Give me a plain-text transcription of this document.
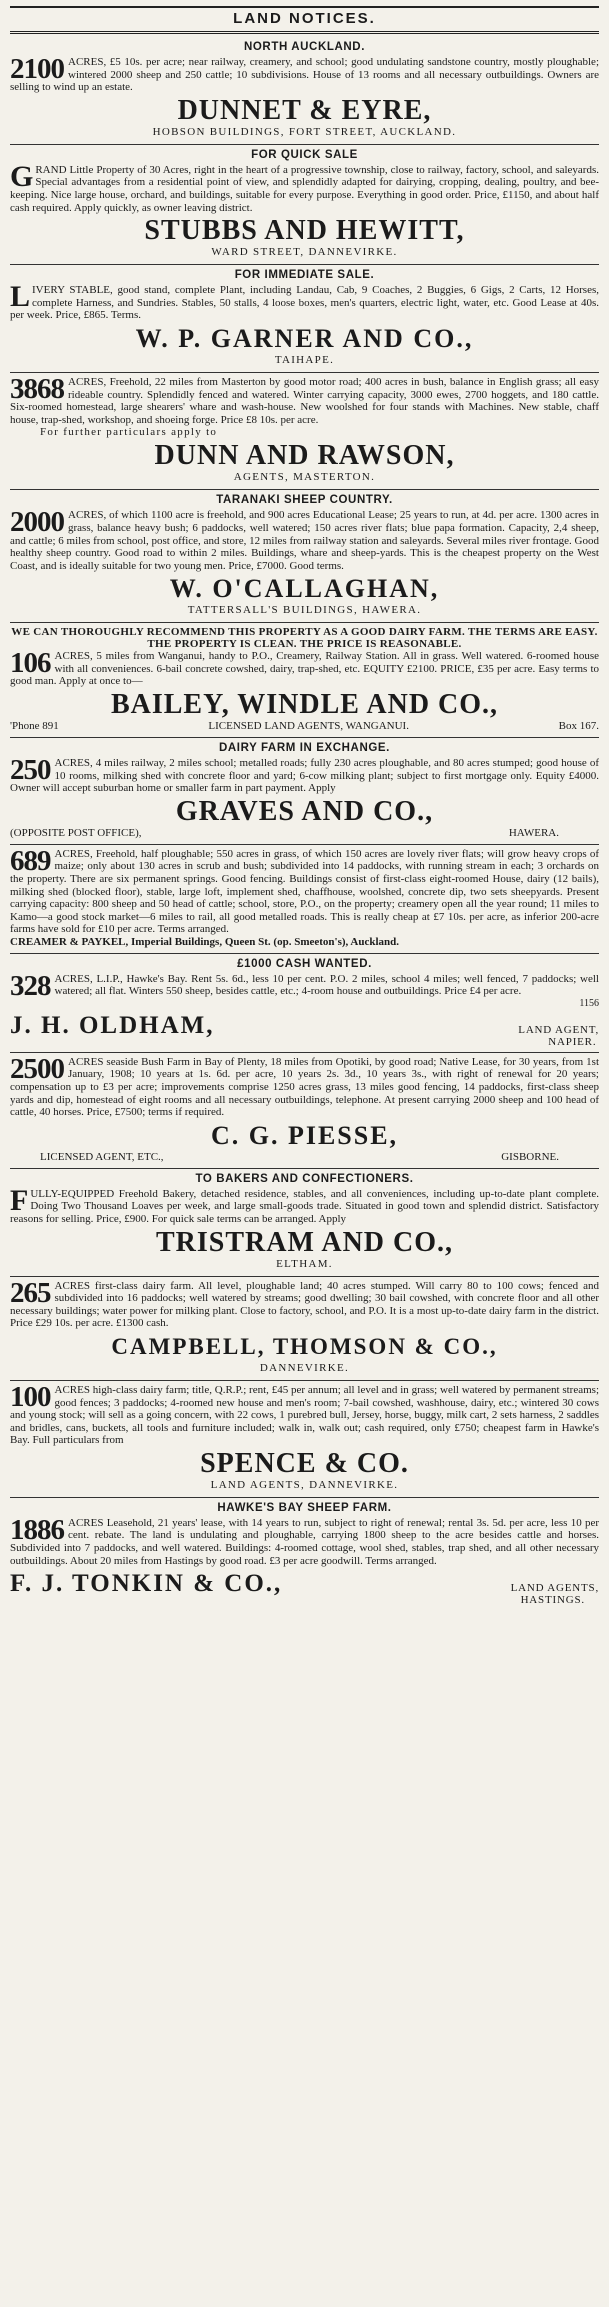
LAND NOTICES.
NORTH AUCKLAND.

2100 ACRES, £5 10s. per acre; near railway, creamery, and school; good undulating sandstone country, mostly ploughable; wintered 2000 sheep and 250 cattle; 10 subdivisions. House of 13 rooms and all necessary outbuildings. Owners are selling to wind up an estate.

DUNNET & EYRE,
HOBSON BUILDINGS, FORT STREET, AUCKLAND.
FOR QUICK SALE

G RAND Little Property of 30 Acres, right in the heart of a progressive township, close to railway, factory, school, and saleyards. Special advantages from a residential point of view, and splendidly adapted for dairying, cropping, dealing, poultry, and bee-keeping. Nice large house, orchard, and buildings, suitable for every purpose. Everything in good order. Price, £1150, and about half cash required. Apply quickly, as owner leaving district.

STUBBS AND HEWITT,
WARD STREET, DANNEVIRKE.
FOR IMMEDIATE SALE.

L IVERY STABLE, good stand, complete Plant, including Landau, Cab, 9 Coaches, 2 Buggies, 6 Gigs, 2 Carts, 12 Horses, complete Harness, and Sundries. Stables, 50 stalls, 4 loose boxes, men's quarters, electric light, water, etc. Good Lease at 40s. per week. Price, £865. Terms.

W. P. GARNER AND CO.,
TAIHAPE.

3868 ACRES, Freehold, 22 miles from Masterton by good motor road; 400 acres in bush, balance in English grass; all easy rideable country. Splendidly fenced and watered. Winter carrying capacity, 3000 ewes, 2700 hoggets, and 180 cattle. Six-roomed homestead, large shearers' whare and wash-house. New woolshed for four stands with Machines. New stable, chaff house, trap-shed, workshop, and shoeing forge. Price £8 10s. per acre.

For further particulars apply to
DUNN AND RAWSON,
AGENTS, MASTERTON.
TARANAKI SHEEP COUNTRY.

2000 ACRES, of which 1100 acre is freehold, and 900 acres Educational Lease; 25 years to run, at 4d. per acre. 1300 acres in grass, balance heavy bush; 6 paddocks, well watered; 150 acres river flats; blue papa formation. Capacity, 2,4 sheep, and cattle; 6 miles from school, post office, and store, 12 miles from railway station and saleyards. Several miles river frontage. Good healthy sheep country. Good road to within 2 miles. Buildings, whare and sheep-yards. This is the cheapest property on the West Coast, and is ideally suitable for two young men. Price, £7000. Good terms.

W. O'CALLAGHAN,
TATTERSALL'S BUILDINGS, HAWERA.
WE CAN THOROUGHLY RECOMMEND THIS PROPERTY AS A GOOD DAIRY FARM. THE TERMS ARE EASY. THE PROPERTY IS CLEAN. THE PRICE IS REASONABLE.

106 ACRES, 5 miles from Wanganui, handy to P.O., Creamery, Railway Station. All in grass. Well watered. 6-roomed house with all conveniences. 6-bail concrete cowshed, dairy, trap-shed, etc. EQUITY £2100. PRICE, £35 per acre. Easy terms to good man. Apply at once to—

BAILEY, WINDLE AND CO.,
'Phone 891	LICENSED LAND AGENTS, WANGANUI.	Box 167.
DAIRY FARM IN EXCHANGE.

250 ACRES, 4 miles railway, 2 miles school; metalled roads; fully 230 acres ploughable, and 80 acres stumped; good house of 10 rooms, milking shed with concrete floor and yard; 6-cow milking plant; subject to first mortgage only. Equity £4000. Owner will accept suburban home or smaller farm in part payment. Apply

GRAVES AND CO.,
(OPPOSITE POST OFFICE),	HAWERA.

689 ACRES, Freehold, half ploughable; 550 acres in grass, of which 150 acres are lovely river flats; will grow heavy crops of maize; only about 130 acres in scrub and bush; subdivided into 14 paddocks, with running stream in each; 3 orchards on the property. There are six permanent springs. Good fencing. Buildings consist of first-class eight-roomed House, dairy (12 bails), milking shed (blocked floor), stable, large loft, implement shed, chaffhouse, woolshed, concrete dip, two sets sheepyards. Present carrying capacity: 800 sheep and 50 head of cattle; school, store, P.O., on the property; creamery open all the year round; 11 miles to Kamo—a good stock market—6 miles to rail, all good metalled roads. This is really cheap at £7 10s. per acre, as inferior 200-acre farms have sold for £10 per acre. Terms arranged.

CREAMER & PAYKEL, Imperial Buildings, Queen St. (op. Smeeton's), Auckland.
£1000 CASH WANTED.

328 ACRES, L.I.P., Hawke's Bay. Rent 5s. 6d., less 10 per cent. P.O. 2 miles, school 4 miles; well fenced, 7 paddocks; well watered; all flat. Winters 550 sheep, besides cattle, etc.; 4-room house and outbuildings. Price £4 per acre.

1156
J. H. OLDHAM,	LAND AGENT,
NAPIER.

2500 ACRES seaside Bush Farm in Bay of Plenty, 18 miles from Opotiki, by good road; Native Lease, for 30 years, from 1st January, 1908; 10 years at 1s. 6d. per acre, 10 years 2s. 3d., 10 years 3s., with right of renewal for 20 years; compensation up to £3 per acre; improvements comprise 1250 acres grass, 13 miles good fencing, 14 paddocks, first-class sheep yards and dip, homestead of eight rooms and all necessary outbuildings, telephone. At present carrying 2000 sheep and 100 head of cattle, 40 horses. Price, £7500; terms if required.

C. G. PIESSE,
LICENSED AGENT, ETC.,	GISBORNE.
TO BAKERS AND CONFECTIONERS.

F ULLY-EQUIPPED Freehold Bakery, detached residence, stables, and all conveniences, including up-to-date plant complete. Doing Two Thousand Loaves per week, and large small-goods trade. Situated in good town and splendid district. Satisfactory reasons for selling. Price, £900. For quick sale terms can be arranged. Apply

TRISTRAM AND CO.,
ELTHAM.

265 ACRES first-class dairy farm. All level, ploughable land; 40 acres stumped. Will carry 80 to 100 cows; fenced and subdivided into 16 paddocks; well watered by streams; good dwelling; 30 bail cowshed, with concrete floor and all other necessary buildings; water power for milking plant. Close to factory, school, and P.O. It is a most up-to-date dairy farm in the district. Price £29 10s. per acre. £1300 cash.

CAMPBELL, THOMSON & CO.,
DANNEVIRKE.

100 ACRES high-class dairy farm; title, Q.R.P.; rent, £45 per annum; all level and in grass; well watered by permanent streams; good fences; 3 paddocks; 4-roomed new house and men's room; 7-bail cowshed, washhouse, dairy, etc.; wintered 30 cows and young stock; will sell as a going concern, with 22 cows, 1 purebred bull, Jersey, horse, buggy, milk cart, 2 sets harness, 2 saddles and bridles, cans, buckets, all tools and furniture included; walk in, walk out; cash required, only £750; cheapest farm in Hawke's Bay. Full particulars from

SPENCE & CO.
LAND AGENTS, DANNEVIRKE.
HAWKE'S BAY SHEEP FARM.

1886 ACRES Leasehold, 21 years' lease, with 14 years to run, subject to right of renewal; rental 3s. 5d. per acre, less 10 per cent. rebate. The land is undulating and ploughable, carrying 1800 sheep to the acre besides cattle and horses. Subdivided into 7 paddocks, and well watered. Buildings: 4-roomed cottage, wool shed, stables, trap shed, and all other necessary outbuildings. About 20 miles from Hastings by good road. £3 per acre goodwill. Terms arranged.

F. J. TONKIN & CO.,	LAND AGENTS,
HASTINGS.
